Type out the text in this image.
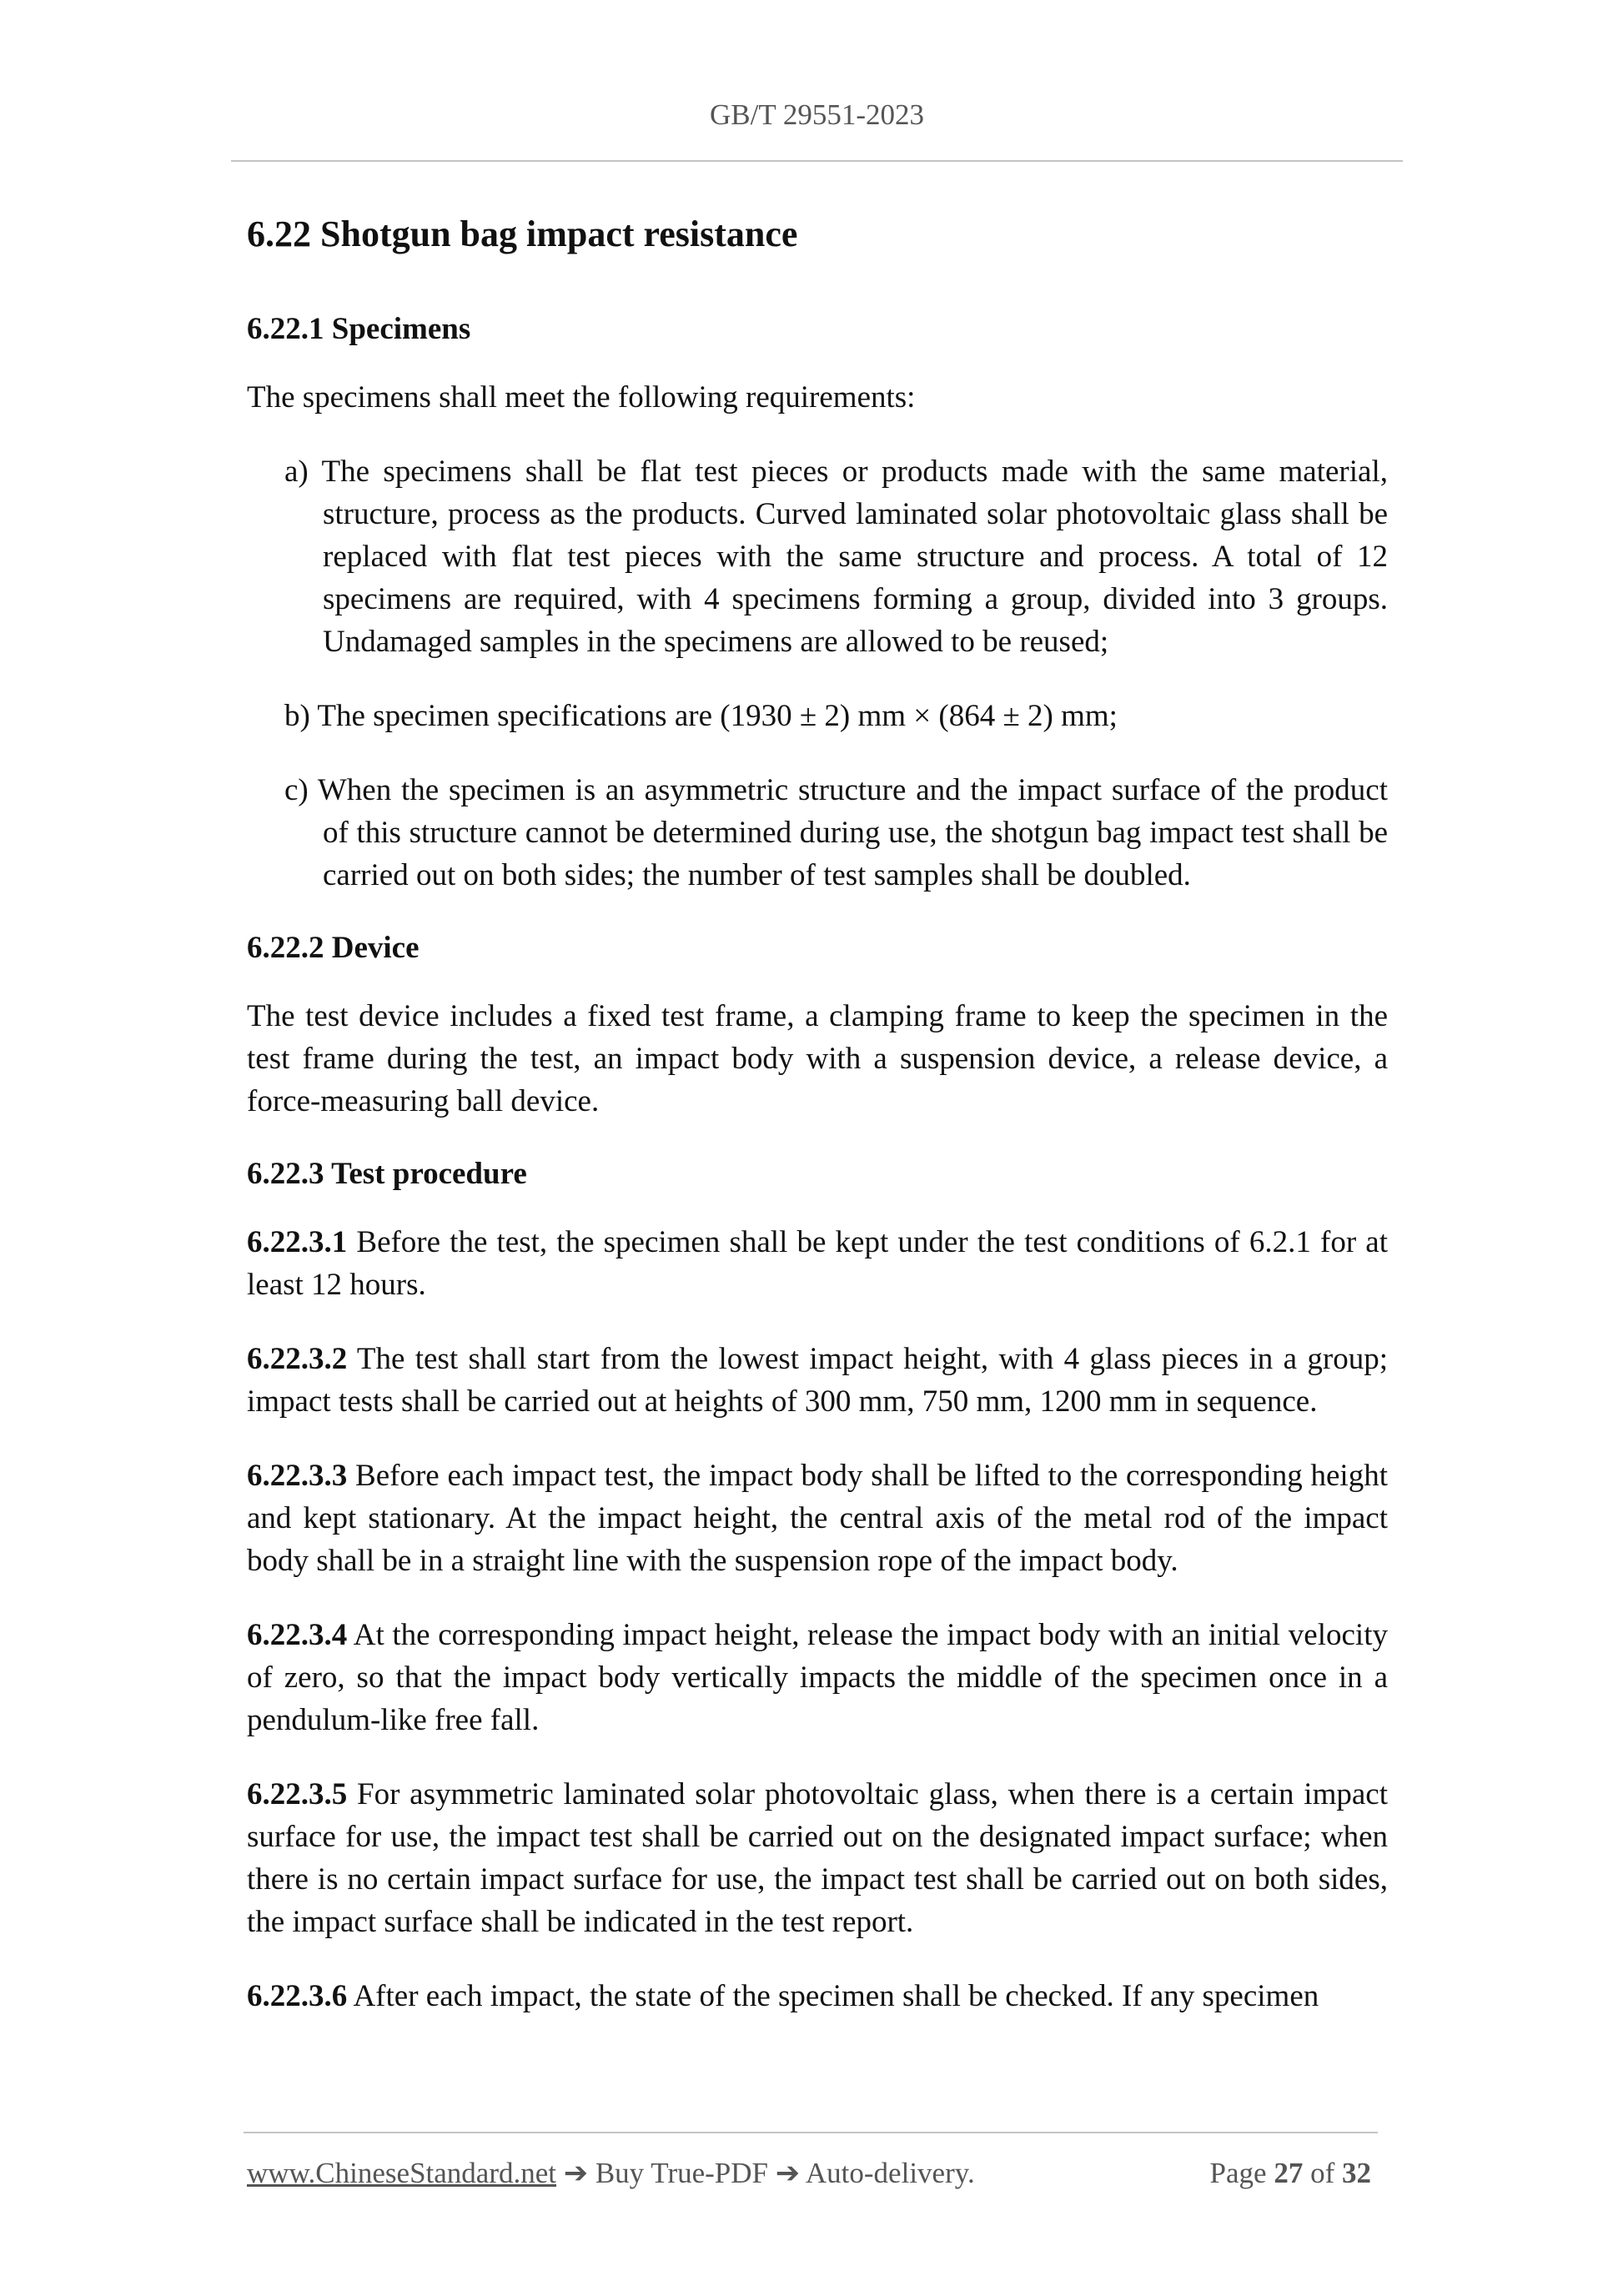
GB/T 29551-2023
6.22 Shotgun bag impact resistance
6.22.1 Specimens

The specimens shall meet the following requirements:

a) The specimens shall be flat test pieces or products made with the same material, structure, process as the products. Curved laminated solar photovoltaic glass shall be replaced with flat test pieces with the same structure and process. A total of 12 specimens are required, with 4 specimens forming a group, divided into 3 groups. Undamaged samples in the specimens are allowed to be reused;
b) The specimen specifications are (1930 ± 2) mm × (864 ± 2) mm;
c) When the specimen is an asymmetric structure and the impact surface of the product of this structure cannot be determined during use, the shotgun bag impact test shall be carried out on both sides; the number of test samples shall be doubled.
6.22.2 Device

The test device includes a fixed test frame, a clamping frame to keep the specimen in the test frame during the test, an impact body with a suspension device, a release device, a force-measuring ball device.

6.22.3 Test procedure

6.22.3.1 Before the test, the specimen shall be kept under the test conditions of 6.2.1 for at least 12 hours.

6.22.3.2 The test shall start from the lowest impact height, with 4 glass pieces in a group; impact tests shall be carried out at heights of 300 mm, 750 mm, 1200 mm in sequence.

6.22.3.3 Before each impact test, the impact body shall be lifted to the corresponding height and kept stationary. At the impact height, the central axis of the metal rod of the impact body shall be in a straight line with the suspension rope of the impact body.

6.22.3.4 At the corresponding impact height, release the impact body with an initial velocity of zero, so that the impact body vertically impacts the middle of the specimen once in a pendulum-like free fall.

6.22.3.5 For asymmetric laminated solar photovoltaic glass, when there is a certain impact surface for use, the impact test shall be carried out on the designated impact surface; when there is no certain impact surface for use, the impact test shall be carried out on both sides, the impact surface shall be indicated in the test report.

6.22.3.6 After each impact, the state of the specimen shall be checked. If any specimen

www.ChineseStandard.net ➔ Buy True-PDF ➔ Auto-delivery.	Page 27 of 32
